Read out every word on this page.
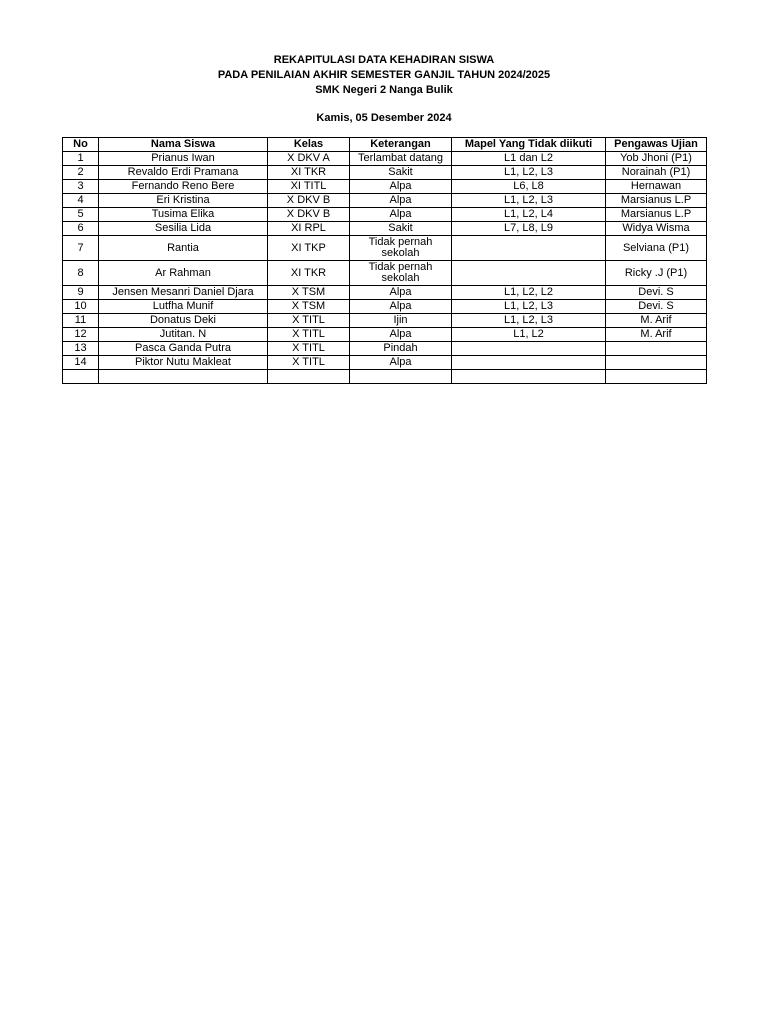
REKAPITULASI DATA KEHADIRAN SISWA
PADA PENILAIAN AKHIR SEMESTER GANJIL TAHUN 2024/2025
SMK Negeri 2 Nanga Bulik
Kamis, 05 Desember 2024
No	Nama Siswa	Kelas	Keterangan	Mapel Yang Tidak diikuti	Pengawas Ujian
1	Prianus Iwan	X DKV A	Terlambat datang	L1 dan L2	Yob Jhoni (P1)
2	Revaldo Erdi Pramana	XI TKR	Sakit	L1, L2, L3	Norainah (P1)
3	Fernando Reno Bere	XI TITL	Alpa	L6, L8	Hernawan
4	Eri Kristina	X DKV B	Alpa	L1, L2, L3	Marsianus L.P
5	Tusima Elika	X DKV B	Alpa	L1, L2, L4	Marsianus L.P
6	Sesilia Lida	XI RPL	Sakit	L7, L8, L9	Widya Wisma
7	Rantia	XI TKP	Tidak pernah sekolah		Selviana (P1)
8	Ar Rahman	XI TKR	Tidak pernah sekolah		Ricky .J (P1)
9	Jensen Mesanri Daniel Djara	X TSM	Alpa	L1, L2, L2	Devi. S
10	Lutfha Munif	X TSM	Alpa	L1, L2, L3	Devi. S
11	Donatus Deki	X TITL	Ijin	L1, L2, L3	M. Arif
12	Jutitan. N	X TITL	Alpa	L1, L2	M. Arif
13	Pasca Ganda Putra	X TITL	Pindah		
14	Piktor Nutu Makleat	X TITL	Alpa		
